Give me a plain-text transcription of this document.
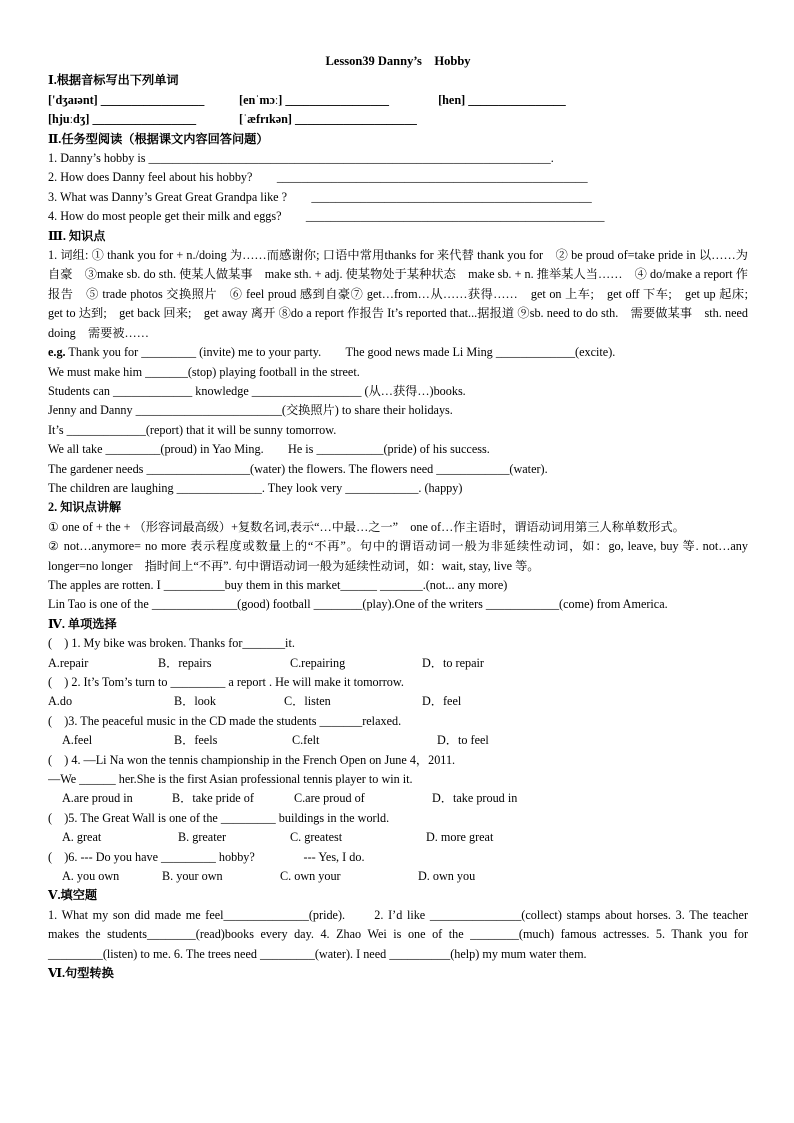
Lesson39 Danny’s　Hobby
Ⅰ.根据音标写出下列单词
['dʒaɪənt] _________________	[enˈmɔː] _________________	[hen] ________________
[hjuːdʒ] _________________	[ˈæfrɪkən] ____________________
Ⅱ.任务型阅读（根据课文内容回答问题）
1. Danny’s hobby is __________________________________________________________________.
2. How does Danny feel about his hobby?　　___________________________________________________
3. What was Danny’s Great Great Grandpa like ?　　______________________________________________
4. How do most people get their milk and eggs?　　_________________________________________________
Ⅲ. 知识点
1. 词组: ① thank you for + n./doing 为……而感谢你; 口语中常用thanks for 来代替 thank you for　② be proud of=take pride in 以……为自豪　③make sb. do sth. 使某人做某事　make sth. + adj. 使某物处于某种状态　make sb. + n. 推举某人当……　④ do/make a report 作报告　⑤ trade photos 交换照片　⑥ feel proud 感到自豪⑦ get…from…从……获得……　get on 上车;　get off 下车;　get up 起床;　get to 达到;　get back 回来;　get away 离开 ⑧do a report 作报告 It’s reported that...据报道 ⑨sb. need to do sth.　需要做某事　sth. need doing　需要被……
e.g. Thank you for _________ (invite) me to your party.　　The good news made Li Ming _____________(excite).
We must make him _______(stop) playing football in the street.
Students can _____________ knowledge __________________ (从…获得…)books.
Jenny and Danny ________________________(交换照片) to share their holidays.
It’s _____________(report) that it will be sunny tomorrow.
We all take _________(proud) in Yao Ming.　　He is ___________(pride) of his success.
The gardener needs _________________(water) the flowers. The flowers need ____________(water).
The children are laughing ______________. They look very ____________. (happy)
2. 知识点讲解
① one of + the + （形容词最高级）+复数名词,表示“…中最…之一”　one of…作主语时，谓语动词用第三人称单数形式。
② not…anymore= no more 表示程度或数量上的“不再”。句中的谓语动词一般为非延续性动词，如：go, leave, buy 等. not…any longer=no longer　指时间上“不再”. 句中谓语动词一般为延续性动词，如：wait, stay, live 等。
The apples are rotten. I __________buy them in this market______ _______.(not... any more)
Lin Tao is one of the ______________(good) football ________(play).One of the writers ____________(come) from America.
Ⅳ. 单项选择
(　) 1. My bike was broken. Thanks for_______it.
A.repair	B．repairs	C.repairing	D．to repair
(　) 2. It’s Tom’s turn to _________ a report . He will make it tomorrow.
A.do	B．look	C．listen	D．feel
(　)3. The peaceful music in the CD made the students _______relaxed.
A.feel	B．feels	C.felt	D．to feel
(　) 4. —Li Na won the tennis championship in the French Open on June 4，2011.
—We ______ her.She is the first Asian professional tennis player to win it.
A.are proud in	B．take pride of	C.are proud of	D．take proud in
(　)5. The Great Wall is one of the _________ buildings in the world.
A. great	B. greater	C. greatest	D. more great
(　)6. --- Do you have _________ hobby?　　　　--- Yes, I do.
A. you own	B. your own	C. own your	D. own you
Ⅴ.填空题
1. What my son did made me feel______________(pride).　　2. I’d like _______________(collect) stamps about horses. 3. The teacher makes the students________(read)books every day. 4. Zhao Wei is one of the ________(much) famous actresses. 5. Thank you for _________(listen) to me. 6. The trees need _________(water). I need __________(help) my mum water them.
Ⅵ.句型转换
